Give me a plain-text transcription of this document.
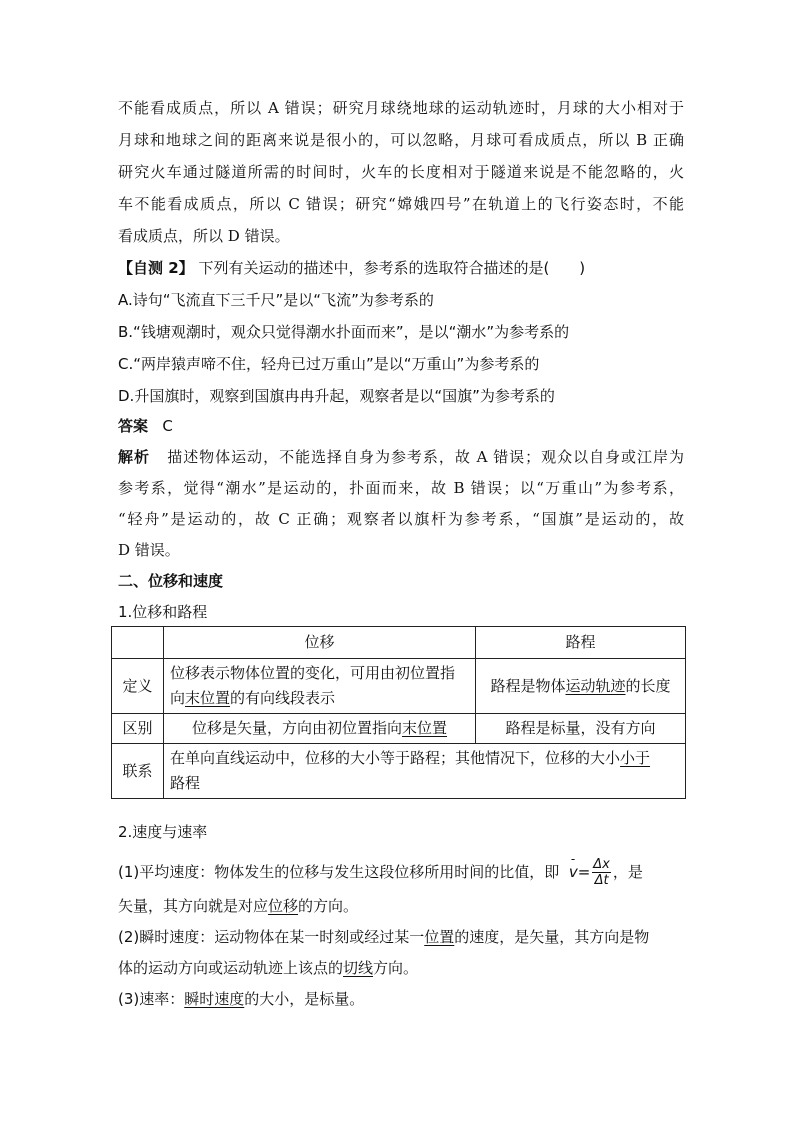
不能看成质点，所以 A 错误；研究月球绕地球的运动轨迹时，月球的大小相对于
月球和地球之间的距离来说是很小的，可以忽略，月球可看成质点，所以 B 正确
研究火车通过隧道所需的时间时，火车的长度相对于隧道来说是不能忽略的，火
车不能看成质点，所以 C 错误；研究“嫦娥四号”在轨道上的飞行姿态时，不能
看成质点，所以 D 错误。
【自测 2】 下列有关运动的描述中，参考系的选取符合描述的是(　　)
A.诗句“飞流直下三千尺”是以“飞流”为参考系的
B.“钱塘观潮时，观众只觉得潮水扑面而来”，是以“潮水”为参考系的
C.“两岸猿声啼不住，轻舟已过万重山”是以“万重山”为参考系的
D.升国旗时，观察到国旗冉冉升起，观察者是以“国旗”为参考系的
答案 C
解析 描述物体运动，不能选择自身为参考系，故 A 错误；观众以自身或江岸为
参考系，觉得“潮水”是运动的，扑面而来，故 B 错误；以“万重山”为参考系，
“轻舟”是运动的，故 C 正确；观察者以旗杆为参考系，“国旗”是运动的，故
D 错误。
二、位移和速度
1.位移和路程
	位移	路程
定义	位移表示物体位置的变化，可用由初位置指向末位置的有向线段表示	路程是物体运动轨迹的长度
区别	位移是矢量，方向由初位置指向末位置	路程是标量，没有方向
联系	在单向直线运动中，位移的大小等于路程；其他情况下，位移的大小小于
路程	
2.速度与速率
(1)平均速度：物体发生的位移与发生这段位移所用时间的比值，即 - $v= \frac{\Delta x}{\Delta t}$ ，是
矢量，其方向就是对应位移的方向。
(2)瞬时速度：运动物体在某一时刻或经过某一位置的速度，是矢量，其方向是物
体的运动方向或运动轨迹上该点的切线方向。
(3)速率：瞬时速度的大小，是标量。
